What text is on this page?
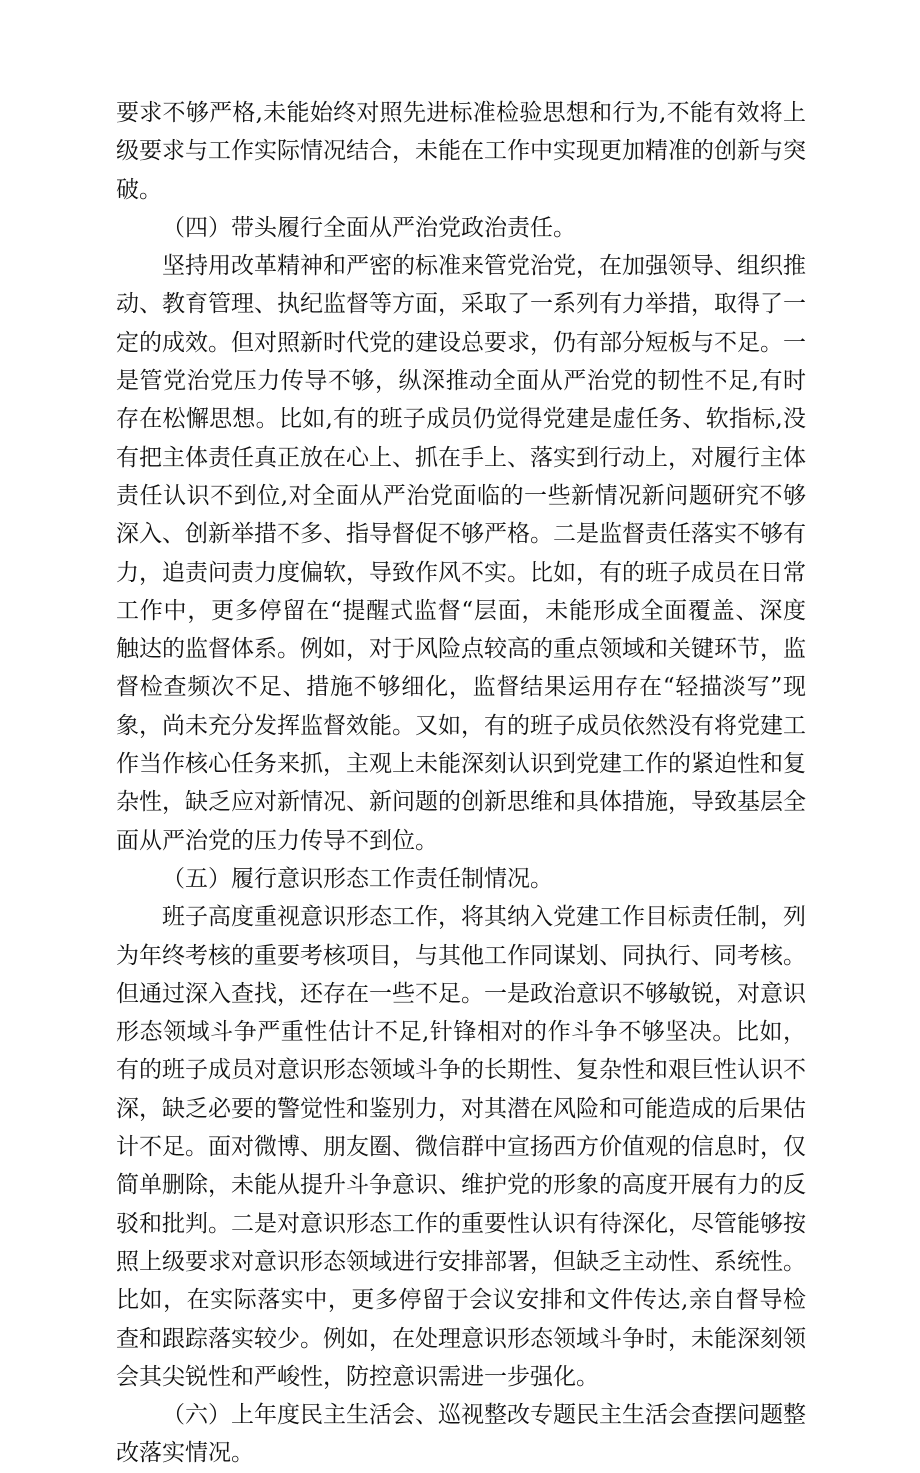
要求不够严格,未能始终对照先进标准检验思想和行为,不能有效将上级要求与工作实际情况结合，未能在工作中实现更加精准的创新与突破。

（四）带头履行全面从严治党政治责任。

坚持用改革精神和严密的标准来管党治党，在加强领导、组织推动、教育管理、执纪监督等方面，采取了一系列有力举措，取得了一定的成效。但对照新时代党的建设总要求，仍有部分短板与不足。一是管党治党压力传导不够，纵深推动全面从严治党的韧性不足,有时存在松懈思想。比如,有的班子成员仍觉得党建是虚任务、软指标,没有把主体责任真正放在心上、抓在手上、落实到行动上，对履行主体责任认识不到位,对全面从严治党面临的一些新情况新问题研究不够深入、创新举措不多、指导督促不够严格。二是监督责任落实不够有力，追责问责力度偏软，导致作风不实。比如，有的班子成员在日常工作中，更多停留在“提醒式监督“层面，未能形成全面覆盖、深度触达的监督体系。例如，对于风险点较高的重点领域和关键环节，监督检查频次不足、措施不够细化，监督结果运用存在“轻描淡写”现象，尚未充分发挥监督效能。又如，有的班子成员依然没有将党建工作当作核心任务来抓，主观上未能深刻认识到党建工作的紧迫性和复杂性，缺乏应对新情况、新问题的创新思维和具体措施，导致基层全面从严治党的压力传导不到位。

（五）履行意识形态工作责任制情况。

班子高度重视意识形态工作，将其纳入党建工作目标责任制，列为年终考核的重要考核项目，与其他工作同谋划、同执行、同考核。但通过深入查找，还存在一些不足。一是政治意识不够敏锐，对意识形态领域斗争严重性估计不足,针锋相对的作斗争不够坚决。比如，有的班子成员对意识形态领域斗争的长期性、复杂性和艰巨性认识不深，缺乏必要的警觉性和鉴别力，对其潜在风险和可能造成的后果估计不足。面对微博、朋友圈、微信群中宣扬西方价值观的信息时，仅简单删除，未能从提升斗争意识、维护党的形象的高度开展有力的反驳和批判。二是对意识形态工作的重要性认识有待深化，尽管能够按照上级要求对意识形态领域进行安排部署，但缺乏主动性、系统性。比如，在实际落实中，更多停留于会议安排和文件传达,亲自督导检查和跟踪落实较少。例如，在处理意识形态领域斗争时，未能深刻领会其尖锐性和严峻性，防控意识需进一步强化。

（六）上年度民主生活会、巡视整改专题民主生活会查摆问题整改落实情况。
